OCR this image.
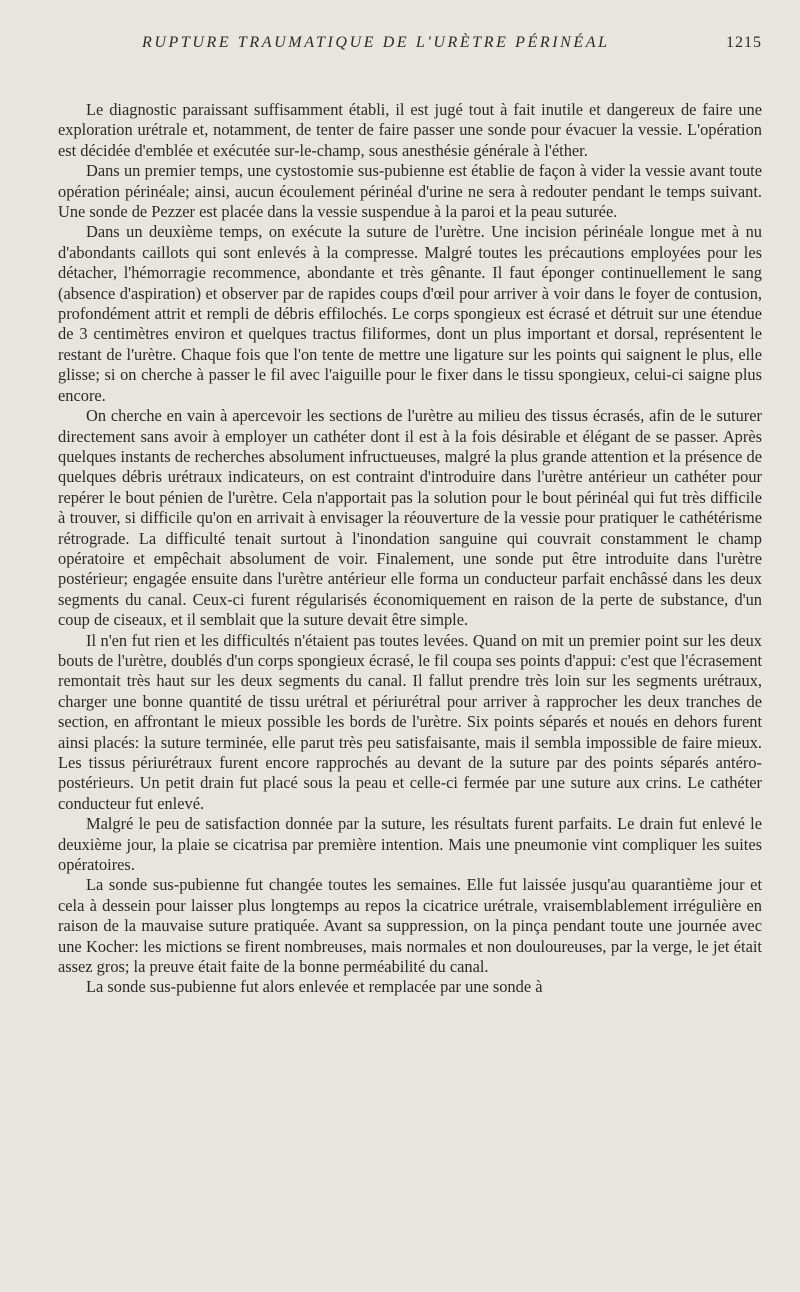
RUPTURE TRAUMATIQUE DE L'URÈTRE PÉRINÉAL	1215

Le diagnostic paraissant suffisamment établi, il est jugé tout à fait inutile et dangereux de faire une exploration urétrale et, notamment, de tenter de faire passer une sonde pour évacuer la vessie. L'opération est décidée d'emblée et exécutée sur-le-champ, sous anesthésie générale à l'éther.

Dans un premier temps, une cystostomie sus-pubienne est établie de façon à vider la vessie avant toute opération périnéale; ainsi, aucun écoulement périnéal d'urine ne sera à redouter pendant le temps suivant. Une sonde de Pezzer est placée dans la vessie suspendue à la paroi et la peau suturée.

Dans un deuxième temps, on exécute la suture de l'urètre. Une incision périnéale longue met à nu d'abondants caillots qui sont enlevés à la compresse. Malgré toutes les précautions employées pour les détacher, l'hémorragie recommence, abondante et très gênante. Il faut éponger continuellement le sang (absence d'aspiration) et observer par de rapides coups d'œil pour arriver à voir dans le foyer de contusion, profondément attrit et rempli de débris effilochés. Le corps spongieux est écrasé et détruit sur une étendue de 3 centimètres environ et quelques tractus filiformes, dont un plus important et dorsal, représentent le restant de l'urètre. Chaque fois que l'on tente de mettre une ligature sur les points qui saignent le plus, elle glisse; si on cherche à passer le fil avec l'aiguille pour le fixer dans le tissu spongieux, celui-ci saigne plus encore.

On cherche en vain à apercevoir les sections de l'urètre au milieu des tissus écrasés, afin de le suturer directement sans avoir à employer un cathéter dont il est à la fois désirable et élégant de se passer. Après quelques instants de recherches absolument infructueuses, malgré la plus grande attention et la présence de quelques débris urétraux indicateurs, on est contraint d'introduire dans l'urètre antérieur un cathéter pour repérer le bout pénien de l'urètre. Cela n'apportait pas la solution pour le bout périnéal qui fut très difficile à trouver, si difficile qu'on en arrivait à envisager la réouverture de la vessie pour pratiquer le cathétérisme rétrograde. La difficulté tenait surtout à l'inondation sanguine qui couvrait constamment le champ opératoire et empêchait absolument de voir. Finalement, une sonde put être introduite dans l'urètre postérieur; engagée ensuite dans l'urètre antérieur elle forma un conducteur parfait enchâssé dans les deux segments du canal. Ceux-ci furent régularisés économiquement en raison de la perte de substance, d'un coup de ciseaux, et il semblait que la suture devait être simple.

Il n'en fut rien et les difficultés n'étaient pas toutes levées. Quand on mit un premier point sur les deux bouts de l'urètre, doublés d'un corps spongieux écrasé, le fil coupa ses points d'appui: c'est que l'écrasement remontait très haut sur les deux segments du canal. Il fallut prendre très loin sur les segments urétraux, charger une bonne quantité de tissu urétral et périurétral pour arriver à rapprocher les deux tranches de section, en affrontant le mieux possible les bords de l'urètre. Six points séparés et noués en dehors furent ainsi placés: la suture terminée, elle parut très peu satisfaisante, mais il sembla impossible de faire mieux. Les tissus périurétraux furent encore rapprochés au devant de la suture par des points séparés antéro-postérieurs. Un petit drain fut placé sous la peau et celle-ci fermée par une suture aux crins. Le cathéter conducteur fut enlevé.

Malgré le peu de satisfaction donnée par la suture, les résultats furent parfaits. Le drain fut enlevé le deuxième jour, la plaie se cicatrisa par première intention. Mais une pneumonie vint compliquer les suites opératoires.

La sonde sus-pubienne fut changée toutes les semaines. Elle fut laissée jusqu'au quarantième jour et cela à dessein pour laisser plus longtemps au repos la cicatrice urétrale, vraisemblablement irrégulière en raison de la mauvaise suture pratiquée. Avant sa suppression, on la pinça pendant toute une journée avec une Kocher: les mictions se firent nombreuses, mais normales et non douloureuses, par la verge, le jet était assez gros; la preuve était faite de la bonne perméabilité du canal.

La sonde sus-pubienne fut alors enlevée et remplacée par une sonde à
